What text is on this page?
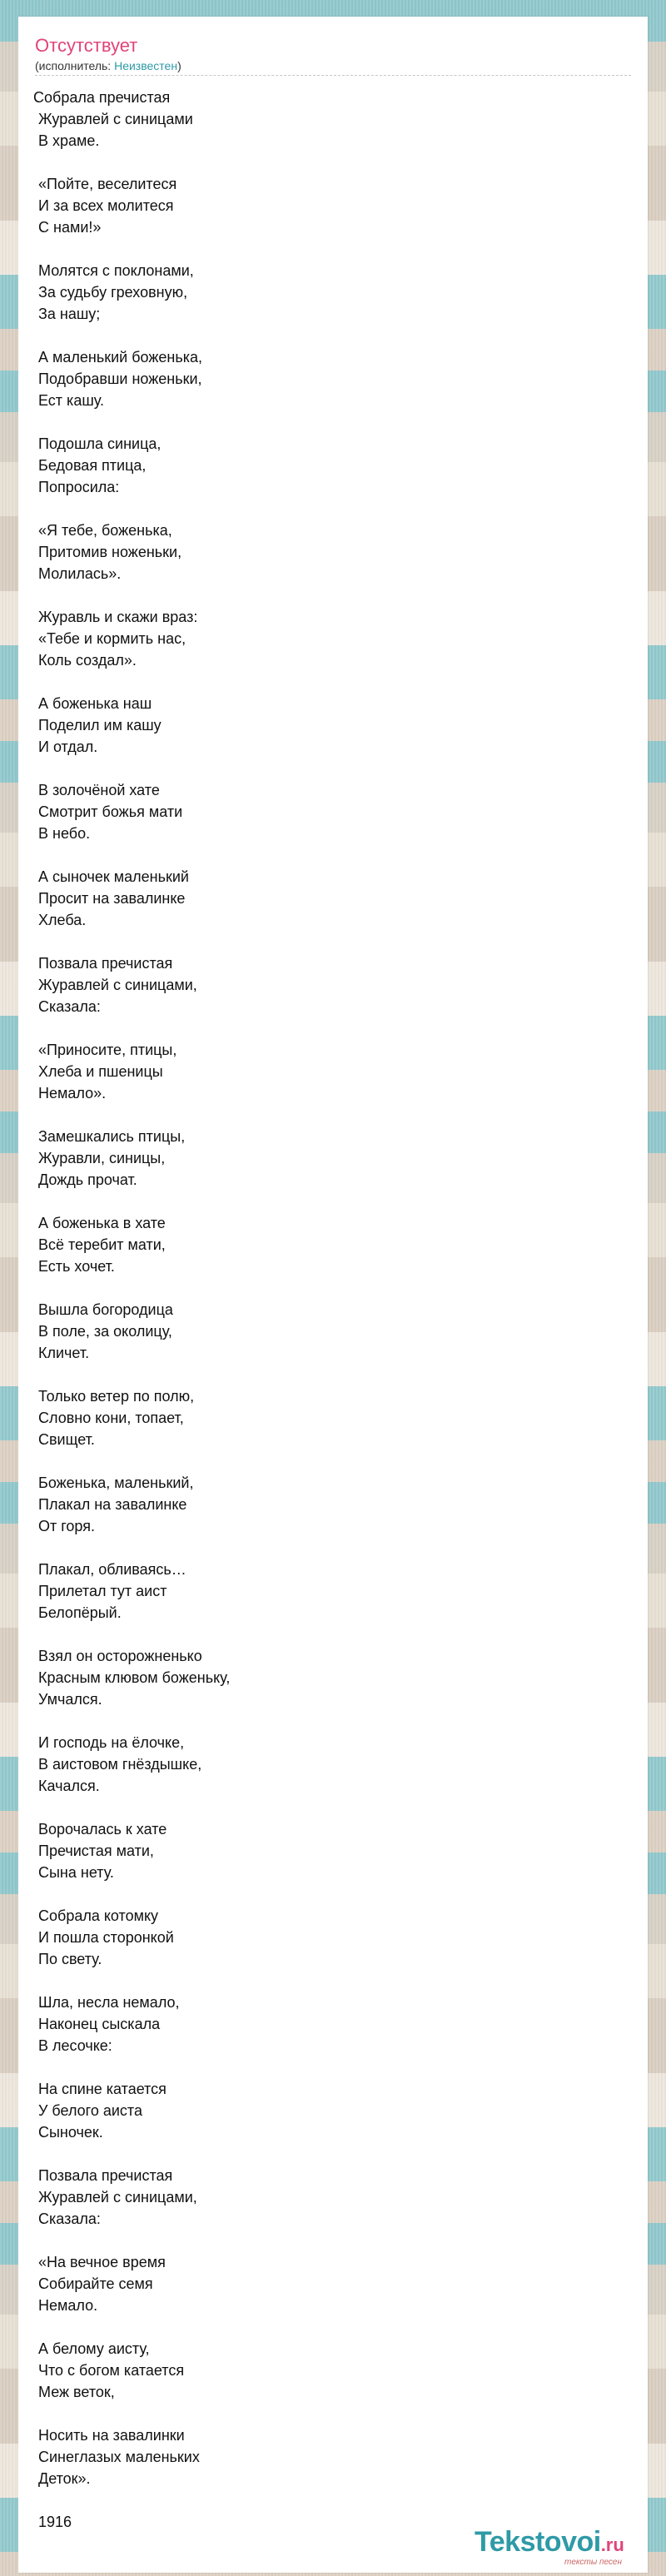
Отсутствует
(исполнитель: Неизвестен)
Собрала пречистая
Журавлей с синицами
В храме.
«Пойте, веселитеся
И за всех молитеся
С нами!»
Молятся с поклонами,
За судьбу греховную,
За нашу;
А маленький боженька,
Подобравши ноженьки,
Ест кашу.
Подошла синица,
Бедовая птица,
Попросила:
«Я тебе, боженька,
Притомив ноженьки,
Молилась».
Журавль и скажи враз:
«Тебе и кормить нас,
Коль создал».
А боженька наш
Поделил им кашу
И отдал.
В золочёной хате
Смотрит божья мати
В небо.
А сыночек маленький
Просит на завалинке
Хлеба.
Позвала пречистая
Журавлей с синицами,
Сказала:
«Приносите, птицы,
Хлеба и пшеницы
Немало».
Замешкались птицы,
Журавли, синицы,
Дождь прочат.
А боженька в хате
Всё теребит мати,
Есть хочет.
Вышла богородица
В поле, за околицу,
Кличет.
Только ветер по полю,
Словно кони, топает,
Свищет.
Боженька, маленький,
Плакал на завалинке
От горя.
Плакал, обливаясь…
Прилетал тут аист
Белопёрый.
Взял он осторожненько
Красным клювом боженьку,
Умчался.
И господь на ёлочке,
В аистовом гнёздышке,
Качался.
Ворочалась к хате
Пречистая мати,
Сына нету.
Собрала котомку
И пошла сторонкой
По свету.
Шла, несла немало,
Наконец сыскала
В лесочке:
На спине катается
У белого аиста
Сыночек.
Позвала пречистая
Журавлей с синицами,
Сказала:
«На вечное время
Собирайте семя
Немало.
А белому аисту,
Что с богом катается
Меж веток,
Носить на завалинки
Синеглазых маленьких
Деток».
1916
Tekstovoi.ru
тексты песен
